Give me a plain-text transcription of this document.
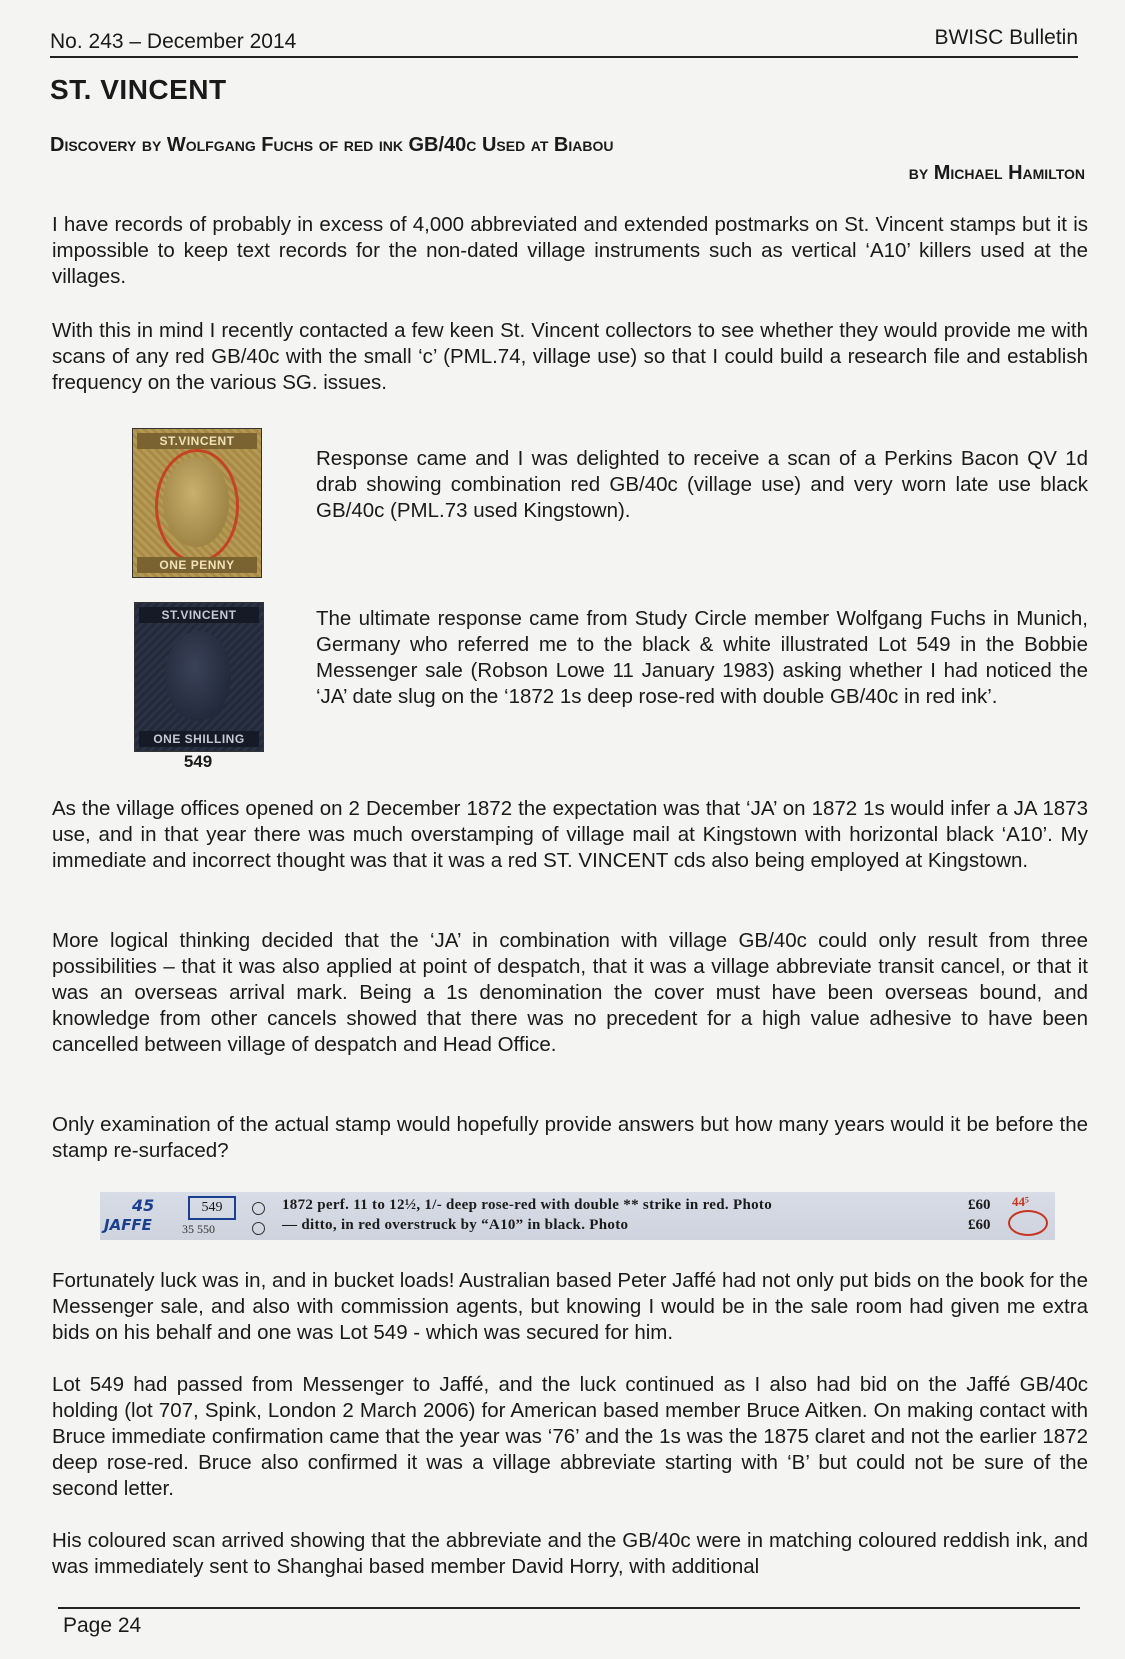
No. 243 – December 2014	BWISC Bulletin
ST. VINCENT
Discovery by Wolfgang Fuchs of red ink GB/40c Used at Biabou
by Michael Hamilton

I have records of probably in excess of 4,000 abbreviated and extended postmarks on St. Vincent stamps but it is impossible to keep text records for the non-dated village instruments such as vertical ‘A10’ killers used at the villages.

With this in mind I recently contacted a few keen St. Vincent collectors to see whether they would provide me with scans of any red GB/40c with the small ‘c’ (PML.74, village use) so that I could build a research file and establish frequency on the various SG. issues.

ST.VINCENT
ONE PENNY

Response came and I was delighted to receive a scan of a Perkins Bacon QV 1d drab showing combination red GB/40c (village use) and very worn late use black GB/40c (PML.73 used Kingstown).

ST.VINCENT
ONE SHILLING
549

The ultimate response came from Study Circle member Wolfgang Fuchs in Munich, Germany who referred me to the black & white illustrated Lot 549 in the Bobbie Messenger sale (Robson Lowe 11 January 1983) asking whether I had noticed the ‘JA’ date slug on the ‘1872 1s deep rose-red with double GB/40c in red ink’.

As the village offices opened on 2 December 1872 the expectation was that ‘JA’ on 1872 1s would infer a JA 1873 use, and in that year there was much overstamping of village mail at Kingstown with horizontal black ‘A10’. My immediate and incorrect thought was that it was a red ST. VINCENT cds also being employed at Kingstown.

More logical thinking decided that the ‘JA’ in combination with village GB/40c could only result from three possibilities – that it was also applied at point of despatch, that it was a village abbreviate transit cancel, or that it was an overseas arrival mark. Being a 1s denomination the cover must have been overseas bound, and knowledge from other cancels showed that there was no precedent for a high value adhesive to have been cancelled between village of despatch and Head Office.

Only examination of the actual stamp would hopefully provide answers but how many years would it be before the stamp re-surfaced?

45
JAFFE
549
35 550
1872 perf. 11 to 12½, 1/- deep rose-red with double ** strike in red. Photo
— ditto, in red overstruck by “A10” in black. Photo
£60
£60
44⁵

Fortunately luck was in, and in bucket loads! Australian based Peter Jaffé had not only put bids on the book for the Messenger sale, and also with commission agents, but knowing I would be in the sale room had given me extra bids on his behalf and one was Lot 549 - which was secured for him.

Lot 549 had passed from Messenger to Jaffé, and the luck continued as I also had bid on the Jaffé GB/40c holding (lot 707, Spink, London 2 March 2006) for American based member Bruce Aitken. On making contact with Bruce immediate confirmation came that the year was ‘76’ and the 1s was the 1875 claret and not the earlier 1872 deep rose-red. Bruce also confirmed it was a village abbreviate starting with ‘B’ but could not be sure of the second letter.

His coloured scan arrived showing that the abbreviate and the GB/40c were in matching coloured reddish ink, and was immediately sent to Shanghai based member David Horry, with additional

Page 24
